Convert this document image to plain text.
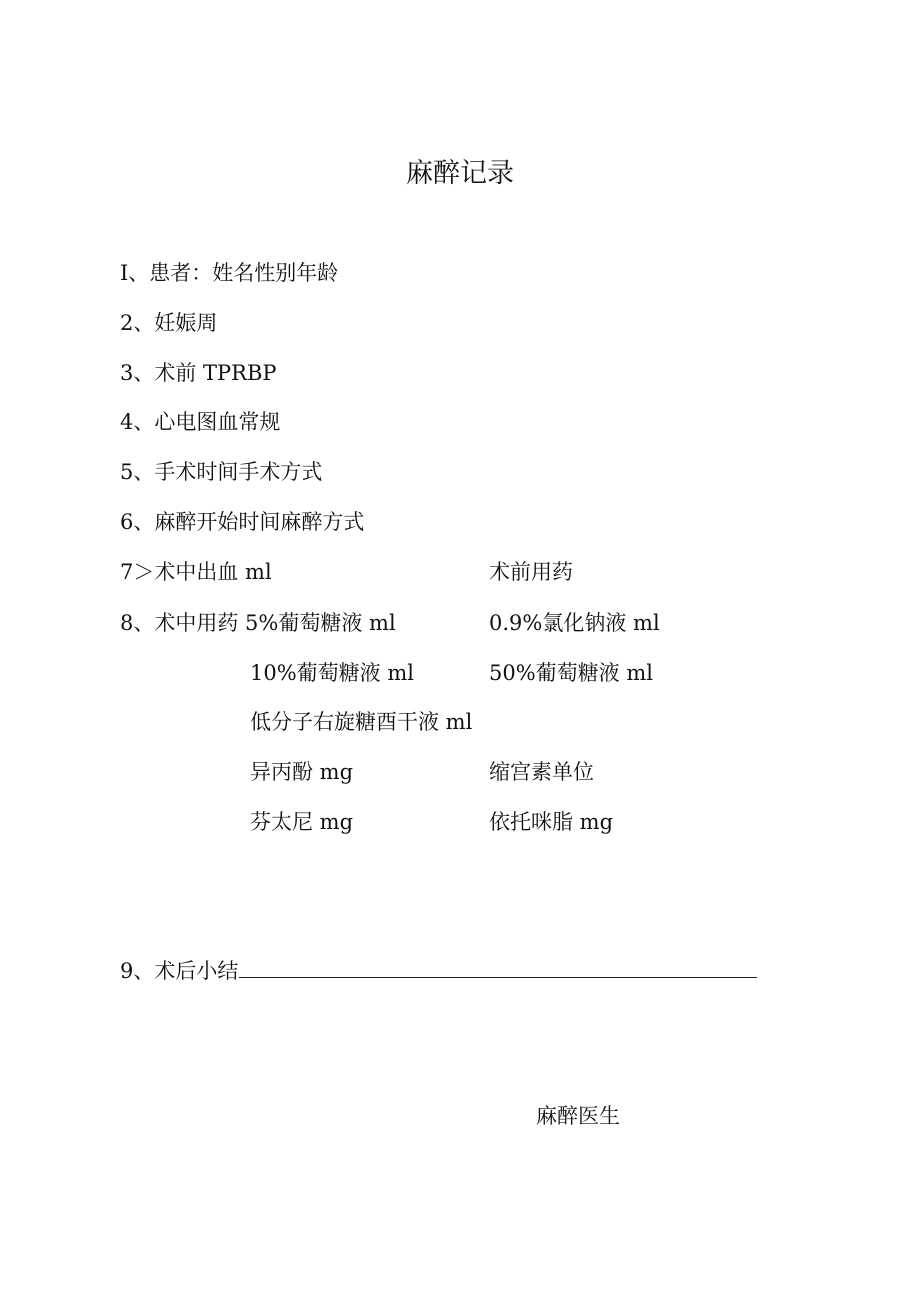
麻醉记录
I、患者：姓名性别年龄
2、妊娠周
3、术前 TPRBP
4、心电图血常规
5、手术时间手术方式
6、麻醉开始时间麻醉方式
7＞术中出血 ml	术前用药
8、术中用药 5%葡萄糖液 ml	0.9%氯化钠液 ml
10%葡萄糖液 ml	50%葡萄糖液 ml
低分子右旋糖酉干液 ml
异丙酚 mg	缩宫素单位
芬太尼 mg	依托咪脂 mg
9、术后小结
麻醉医生
